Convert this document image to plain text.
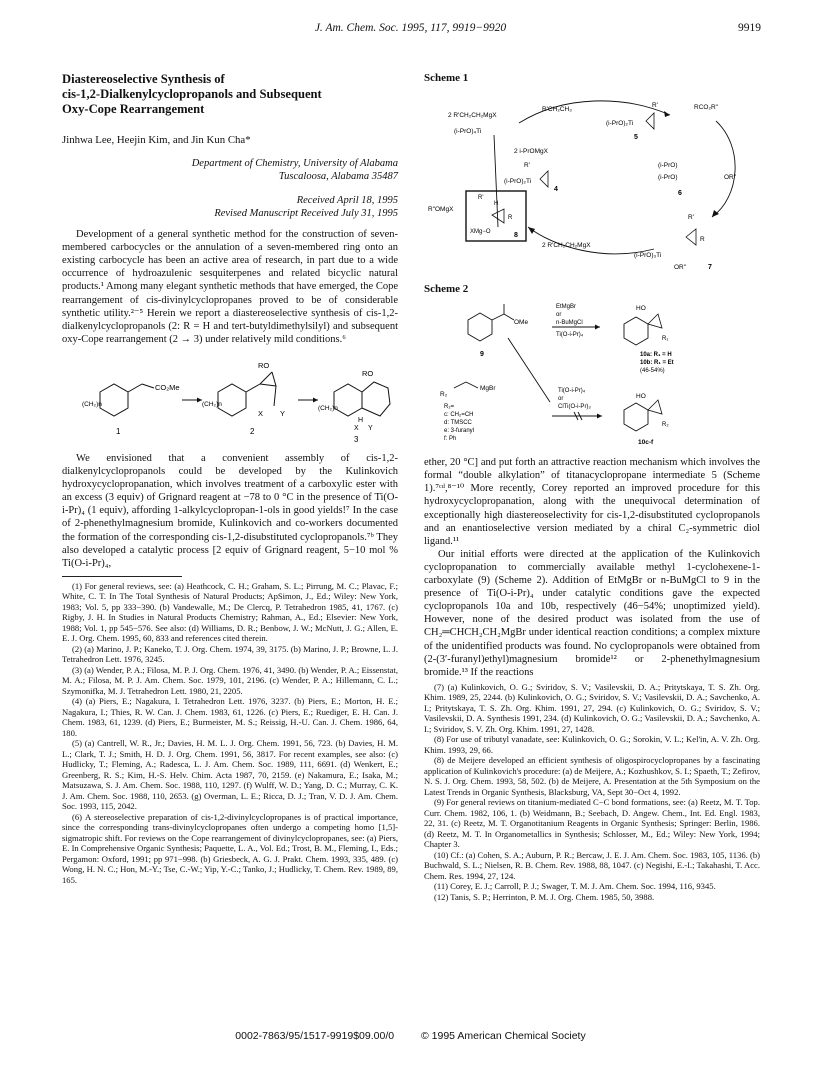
J. Am. Chem. Soc. 1995, 117, 9919−9920	9919
Diastereoselective Synthesis of
cis-1,2-Dialkenylcyclopropanols and Subsequent
Oxy-Cope Rearrangement
Jinhwa Lee, Heejin Kim, and Jin Kun Cha*
Department of Chemistry, University of Alabama
Tuscaloosa, Alabama 35487
Received April 18, 1995
Revised Manuscript Received July 31, 1995

Development of a general synthetic method for the construction of seven-membered carbocycles or the annulation of a seven-membered ring onto an existing carbocycle has been an active area of research, in part due to a wide occurrence of hydroazulenic sesquiterpenes and related bicyclic natural products.¹ Among many elegant synthetic methods that have emerged, the Cope rearrangement of cis-divinylcyclopropanes proved to be of considerable synthetic utility.²⁻⁵ Herein we report a diastereoselective synthesis of cis-1,2-dialkenylcyclopropanols (2: R = H and tert-butyldimethylsilyl) and subsequent oxy-Cope rearrangement (2 → 3) under relatively mild conditions.⁶

CO₂Me
(CH₂)n
1
RO
X Y
(CH₂)n
2
RO
H
X Y
(CH₂)n
3

We envisioned that a convenient assembly of cis-1,2-dialkenylcyclopropanols could be developed by the Kulinkovich hydroxycyclopropanation, which involves treatment of a carboxylic ester with an excess (3 equiv) of Grignard reagent at −78 to 0 °C in the presence of Ti(O-i-Pr)₄ (1 equiv), affording 1-alkylcyclopropan-1-ols in good yields!⁷ In the case of 2-phenethylmagnesium bromide, Kulinkovich and co-workers documented the formation of the corresponding cis-1,2-disubstituted cyclopropanols.⁷ᵇ They also developed a catalytic process [2 equiv of Grignard reagent, 5−10 mol % Ti(O-i-Pr)₄,

(1) For general reviews, see: (a) Heathcock, C. H.; Graham, S. L.; Pirrung, M. C.; Plavac, F.; White, C. T. In The Total Synthesis of Natural Products; ApSimon, J., Ed.; Wiley: New York, 1983; Vol. 5, pp 333−390. (b) Vandewalle, M.; De Clercq, P. Tetrahedron 1985, 41, 1767. (c) Rigby, J. H. In Studies in Natural Products Chemistry; Rahman, A., Ed.; Elsevier: New York, 1988; Vol. 1, pp 545−576. See also: (d) Williams, D. R.; Benbow, J. W.; McNutt, J. G.; Allen, E. E. J. Org. Chem. 1995, 60, 833 and references cited therein.

(2) (a) Marino, J. P.; Kaneko, T. J. Org. Chem. 1974, 39, 3175. (b) Marino, J. P.; Browne, L. J. Tetrahedron Lett. 1976, 3245.

(3) (a) Wender, P. A.; Filosa, M. P. J. Org. Chem. 1976, 41, 3490. (b) Wender, P. A.; Eissenstat, M. A.; Filosa, M. P. J. Am. Chem. Soc. 1979, 101, 2196. (c) Wender, P. A.; Hillemann, C. L.; Szymonifka, M. J. Tetrahedron Lett. 1980, 21, 2205.

(4) (a) Piers, E.; Nagakura, I. Tetrahedron Lett. 1976, 3237. (b) Piers, E.; Morton, H. E.; Nagakura, I.; Thies, R. W. Can. J. Chem. 1983, 61, 1226. (c) Piers, E.; Ruediger, E. H. Can. J. Chem. 1983, 61, 1239. (d) Piers, E.; Burmeister, M. S.; Reissig, H.-U. Can. J. Chem. 1986, 64, 180.

(5) (a) Cantrell, W. R., Jr.; Davies, H. M. L. J. Org. Chem. 1991, 56, 723. (b) Davies, H. M. L.; Clark, T. J.; Smith, H. D. J. Org. Chem. 1991, 56, 3817. For recent examples, see also: (c) Hudlicky, T.; Fleming, A.; Radesca, L. J. Am. Chem. Soc. 1989, 111, 6691. (d) Wenkert, E.; Greenberg, R. S.; Kim, H.-S. Helv. Chim. Acta 1987, 70, 2159. (e) Nakamura, E.; Isaka, M.; Matsuzawa, S. J. Am. Chem. Soc. 1988, 110, 1297. (f) Wulff, W. D.; Yang, D. C.; Murray, C. K. J. Am. Chem. Soc. 1988, 110, 2653. (g) Overman, L. E.; Ricca, D. J.; Tran, V. D. J. Am. Chem. Soc. 1993, 115, 2042.

(6) A stereoselective preparation of cis-1,2-divinylcyclopropanes is of practical importance, since the corresponding trans-divinylcyclopropanes often undergo a competing homo [1,5]-sigmatropic shift. For reviews on the Cope rearrangement of divinylcyclopropanes, see: (a) Piers, E. In Comprehensive Organic Synthesis; Paquette, L. A., Vol. Ed.; Trost, B. M., Fleming, I., Eds.; Pergamon: Oxford, 1991; pp 971−998. (b) Griesbeck, A. G. J. Prakt. Chem. 1993, 335, 489. (c) Wong, H. N. C.; Hon, M.-Y.; Tse, C.-W.; Yip, Y.-C.; Tanko, J.; Hudlicky, T. Chem. Rev. 1989, 89, 165.

Scheme 1
2 R'CH₂CH₂MgX
(i-PrO)₄Ti
R'CH₂CH₃
(i-PrO)₂Ti
R'
5
RCO₂R"
2 i-PrOMgX
R'
(i-PrO)₂Ti
4
R"OMgX
R'
H
R
XMg−O	8
(i-PrO)
(i-PrO)	OR"
6
2 R'CH₂CH₂MgX
R'
R
(i-PrO)₃Ti
OR"	7
Scheme 2
OMe
9
EtMgBr
or
n-BuMgCl
Ti(O-i-Pr)₄
HO
R₁
10a: R₁ = H
10b: R₁ = Et
(46-54%)
MgBr
R₂
R₂=
c: CH₂=CH
d: TMSCC
e: 3-furanyl
f: Ph
Ti(O-i-Pr)₄
or
ClTi(O-i-Pr)₃
HO
R₂
10c-f

ether, 20 °C] and put forth an attractive reaction mechanism which involves the formal “double alkylation” of titanacyclopropane intermediate 5 (Scheme 1).⁷ᶜᵈ,⁸⁻¹⁰ More recently, Corey reported an improved procedure for this hydroxycyclopropanation, along with the unequivocal determination of exceptionally high diastereoselectivity for cis-1,2-disubstituted cyclopropanols and an enantioselective version mediated by a chiral C₂-symmetric diol ligand.¹¹

Our initial efforts were directed at the application of the Kulinkovich cyclopropanation to commercially available methyl 1-cyclohexene-1-carboxylate (9) (Scheme 2). Addition of EtMgBr or n-BuMgCl to 9 in the presence of Ti(O-i-Pr)₄ under catalytic conditions gave the expected cyclopropanols 10a and 10b, respectively (46−54%; unoptimized yield). However, none of the desired product was isolated from the use of CH₂═CHCH₂CH₂MgBr under identical reaction conditions; a complex mixture of the unidentified products was found. No cyclopropanols were obtained from (2-(3′-furanyl)ethyl)magnesium bromide¹² or 2-phenethylmagnesium bromide.¹³ If the reactions

(7) (a) Kulinkovich, O. G.; Sviridov, S. V.; Vasilevskii, D. A.; Pritytskaya, T. S. Zh. Org. Khim. 1989, 25, 2244. (b) Kulinkovich, O. G.; Sviridov, S. V.; Vasilevskii, D. A.; Savchenko, A. I.; Pritytskaya, T. S. Zh. Org. Khim. 1991, 27, 294. (c) Kulinkovich, O. G.; Sviridov, S. V.; Vasilevskii, D. A. Synthesis 1991, 234. (d) Kulinkovich, O. G.; Vasilevskii, D. A.; Savchenko, A. I.; Sviridov, S. V. Zh. Org. Khim. 1991, 27, 1428.

(8) For use of tributyl vanadate, see: Kulinkovich, O. G.; Sorokin, V. L.; Kel'in, A. V. Zh. Org. Khim. 1993, 29, 66.

(8) de Meijere developed an efficient synthesis of oligospirocyclopropanes by a fascinating application of Kulinkovich's procedure: (a) de Meijere, A.; Kozhushkov, S. I.; Spaeth, T.; Zefirov, N. S. J. Org. Chem. 1993, 58, 502. (b) de Meijere, A. Presentation at the 5th Symposium on the Latest Trends in Organic Synthesis, Blacksburg, VA, Sept 30−Oct 4, 1992.

(9) For general reviews on titanium-mediated C−C bond formations, see: (a) Reetz, M. T. Top. Curr. Chem. 1982, 106, 1. (b) Weidmann, B.; Seebach, D. Angew. Chem., Int. Ed. Engl. 1983, 22, 31. (c) Reetz, M. T. Organotitanium Reagents in Organic Synthesis; Springer: Berlin, 1986. (d) Reetz, M. T. In Organometallics in Synthesis; Schlosser, M., Ed.; Wiley: New York, 1994; Chapter 3.

(10) Cf.: (a) Cohen, S. A.; Auburn, P. R.; Bercaw, J. E. J. Am. Chem. Soc. 1983, 105, 1136. (b) Buchwald, S. L.; Nielsen, R. B. Chem. Rev. 1988, 88, 1047. (c) Negishi, E.-I.; Takahashi, T. Acc. Chem. Res. 1994, 27, 124.

(11) Corey, E. J.; Carroll, P. J.; Swager, T. M. J. Am. Chem. Soc. 1994, 116, 9345.

(12) Tanis, S. P.; Herrinton, P. M. J. Org. Chem. 1985, 50, 3988.

0002-7863/95/1517-9919$09.00/0	© 1995 American Chemical Society
